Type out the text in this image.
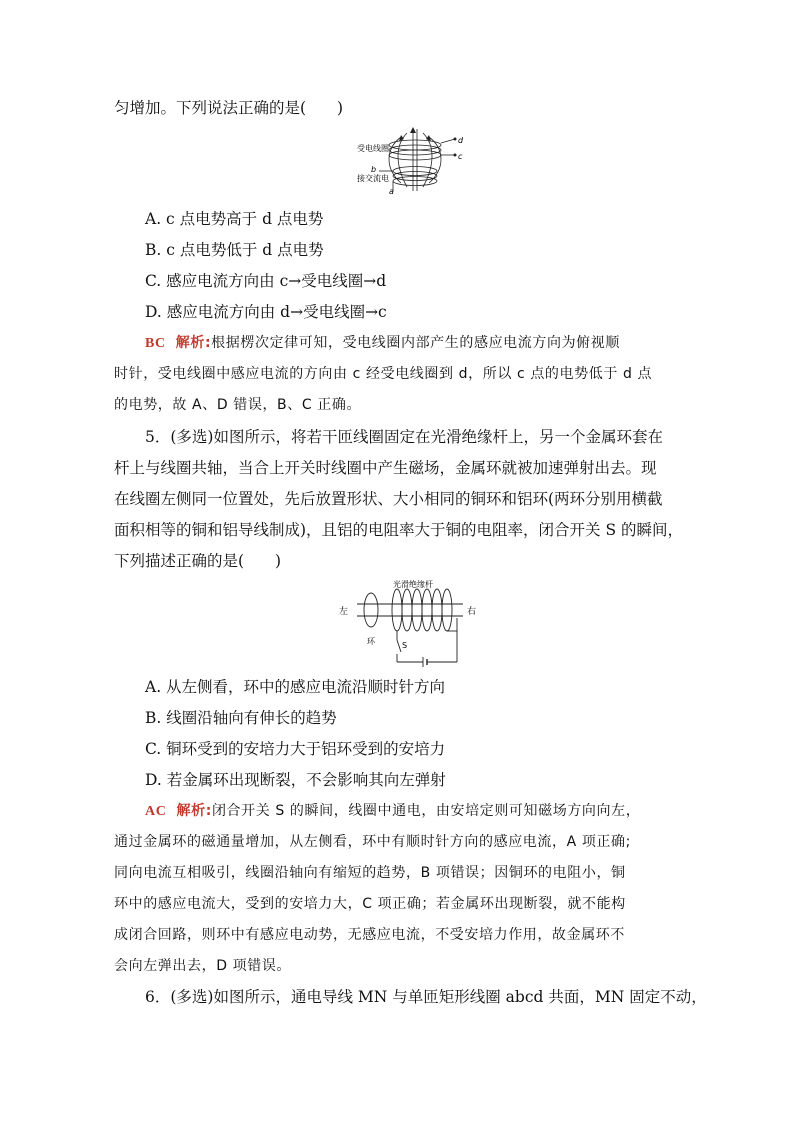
匀增加。下列说法正确的是(　　)
d
c
b
a
受电线圈
接交流电
A. c 点电势高于 d 点电势
B. c 点电势低于 d 点电势
C. 感应电流方向由 c→受电线圈→d
D. 感应电流方向由 d→受电线圈→c
BC 解析:根据楞次定律可知，受电线圈内部产生的感应电流方向为俯视顺
时针，受电线圈中感应电流的方向由 c 经受电线圈到 d，所以 c 点的电势低于 d 点
的电势，故 A、D 错误，B、C 正确。
5．(多选)如图所示，将若干匝线圈固定在光滑绝缘杆上，另一个金属环套在
杆上与线圈共轴，当合上开关时线圈中产生磁场，金属环就被加速弹射出去。现
在线圈左侧同一位置处，先后放置形状、大小相同的铜环和铝环(两环分别用横截
面积相等的铜和铝导线制成)，且铝的电阻率大于铜的电阻率，闭合开关 S 的瞬间，
下列描述正确的是(　　)
光滑绝缘杆
左	右
环	S
A. 从左侧看，环中的感应电流沿顺时针方向
B. 线圈沿轴向有伸长的趋势
C. 铜环受到的安培力大于铝环受到的安培力
D. 若金属环出现断裂，不会影响其向左弹射
AC 解析:闭合开关 S 的瞬间，线圈中通电，由安培定则可知磁场方向向左，
通过金属环的磁通量增加，从左侧看，环中有顺时针方向的感应电流，A 项正确;
同向电流互相吸引，线圈沿轴向有缩短的趋势，B 项错误；因铜环的电阻小，铜
环中的感应电流大，受到的安培力大，C 项正确；若金属环出现断裂，就不能构
成闭合回路，则环中有感应电动势，无感应电流，不受安培力作用，故金属环不
会向左弹出去，D 项错误。
6．(多选)如图所示，通电导线 MN 与单匝矩形线圈 abcd 共面，MN 固定不动，
